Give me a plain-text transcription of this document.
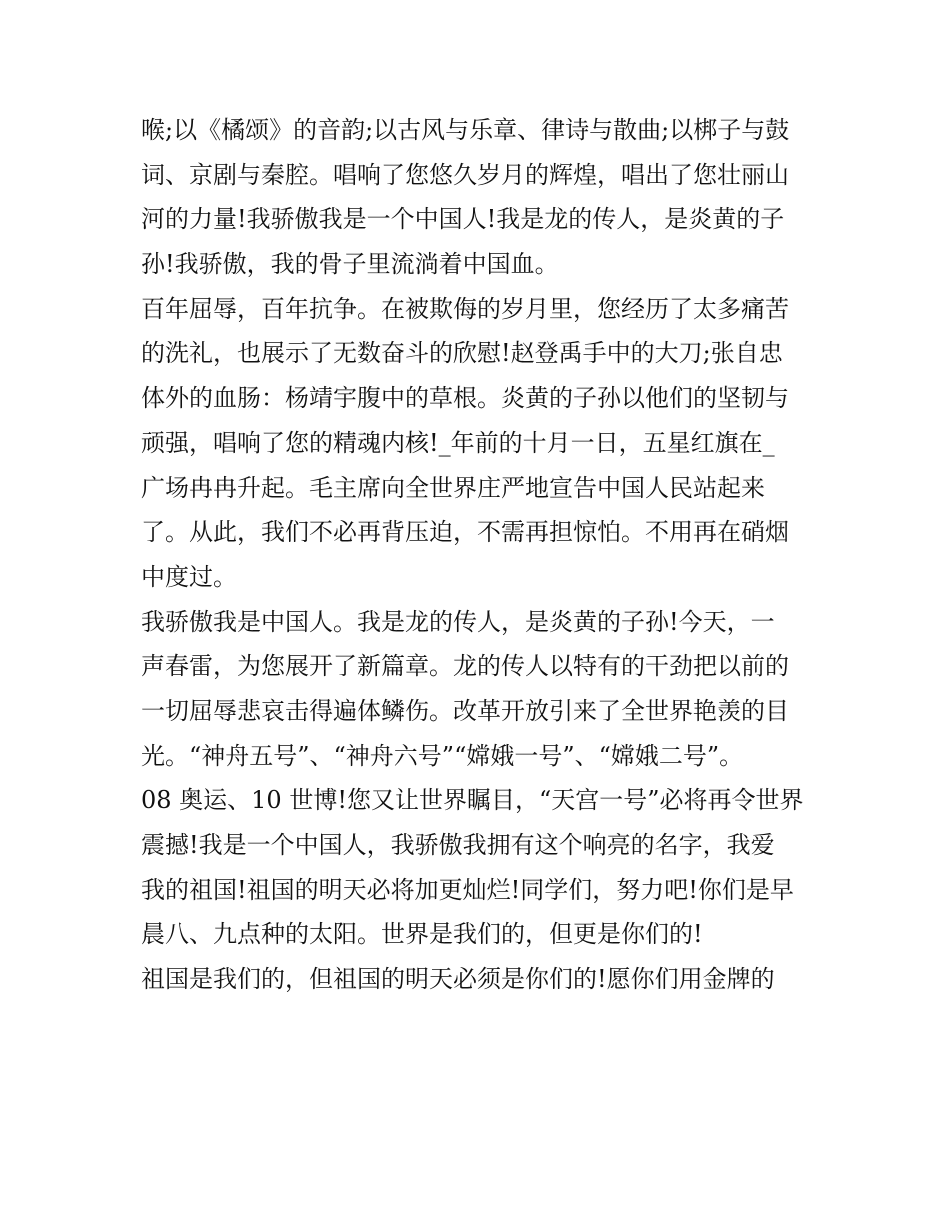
喉;以《橘颂》的音韵;以古风与乐章、律诗与散曲;以梆子与鼓
词、京剧与秦腔。唱响了您悠久岁月的辉煌，唱出了您壮丽山
河的力量!我骄傲我是一个中国人!我是龙的传人，是炎黄的子
孙!我骄傲，我的骨子里流淌着中国血。

百年屈辱，百年抗争。在被欺侮的岁月里，您经历了太多痛苦
的洗礼，也展示了无数奋斗的欣慰!赵登禹手中的大刀;张自忠
体外的血肠：杨靖宇腹中的草根。炎黄的子孙以他们的坚韧与
顽强，唱响了您的精魂内核!_年前的十月一日，五星红旗在_
广场冉冉升起。毛主席向全世界庄严地宣告中国人民站起来
了。从此，我们不必再背压迫，不需再担惊怕。不用再在硝烟
中度过。

我骄傲我是中国人。我是龙的传人，是炎黄的子孙!今天，一
声春雷，为您展开了新篇章。龙的传人以特有的干劲把以前的
一切屈辱悲哀击得遍体鳞伤。改革开放引来了全世界艳羡的目
光。“神舟五号”、“神舟六号”“嫦娥一号”、“嫦娥二号”。

08 奥运、10 世博!您又让世界瞩目，“天宫一号”必将再令世界
震撼!我是一个中国人，我骄傲我拥有这个响亮的名字，我爱
我的祖国!祖国的明天必将加更灿烂!同学们，努力吧!你们是早
晨八、九点种的太阳。世界是我们的，但更是你们的!

祖国是我们的，但祖国的明天必须是你们的!愿你们用金牌的
